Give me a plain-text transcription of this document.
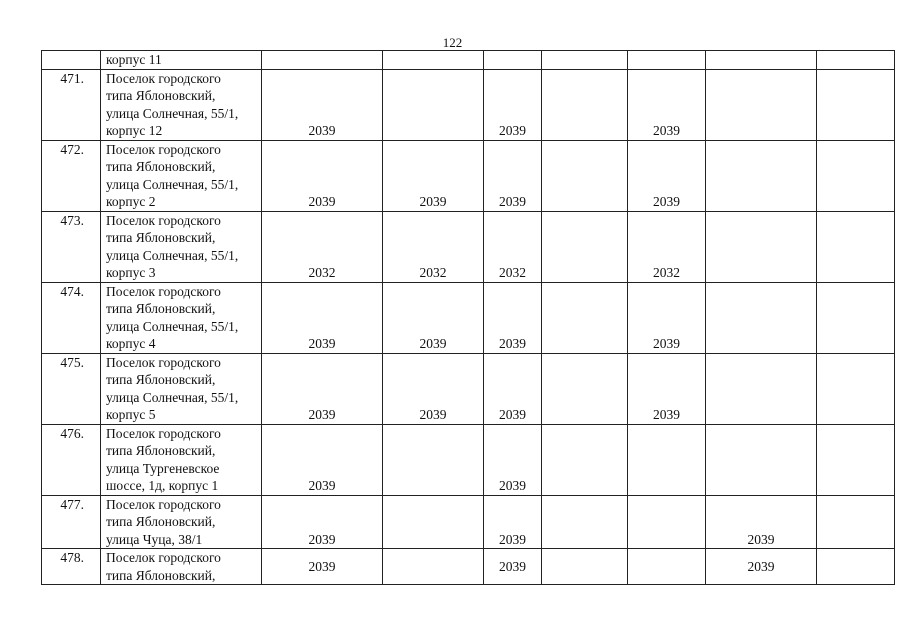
122

	корпус 11							

471.	Поселок городского
типа Яблоновский,
улица Солнечная, 55/1,
корпус 12	2039		2039		2039		
472.	Поселок городского
типа Яблоновский,
улица Солнечная, 55/1,
корпус 2	2039	2039	2039		2039		
473.	Поселок городского
типа Яблоновский,
улица Солнечная, 55/1,
корпус 3	2032	2032	2032		2032		
474.	Поселок городского
типа Яблоновский,
улица Солнечная, 55/1,
корпус 4	2039	2039	2039		2039		
475.	Поселок городского
типа Яблоновский,
улица Солнечная, 55/1,
корпус 5	2039	2039	2039		2039		
476.	Поселок городского
типа Яблоновский,
улица Тургеневское
шоссе, 1д, корпус 1	2039		2039				
477.	Поселок городского
типа Яблоновский,
улица Чуца, 38/1	2039		2039			2039	
478.	Поселок городского
типа Яблоновский,	2039		2039			2039	
